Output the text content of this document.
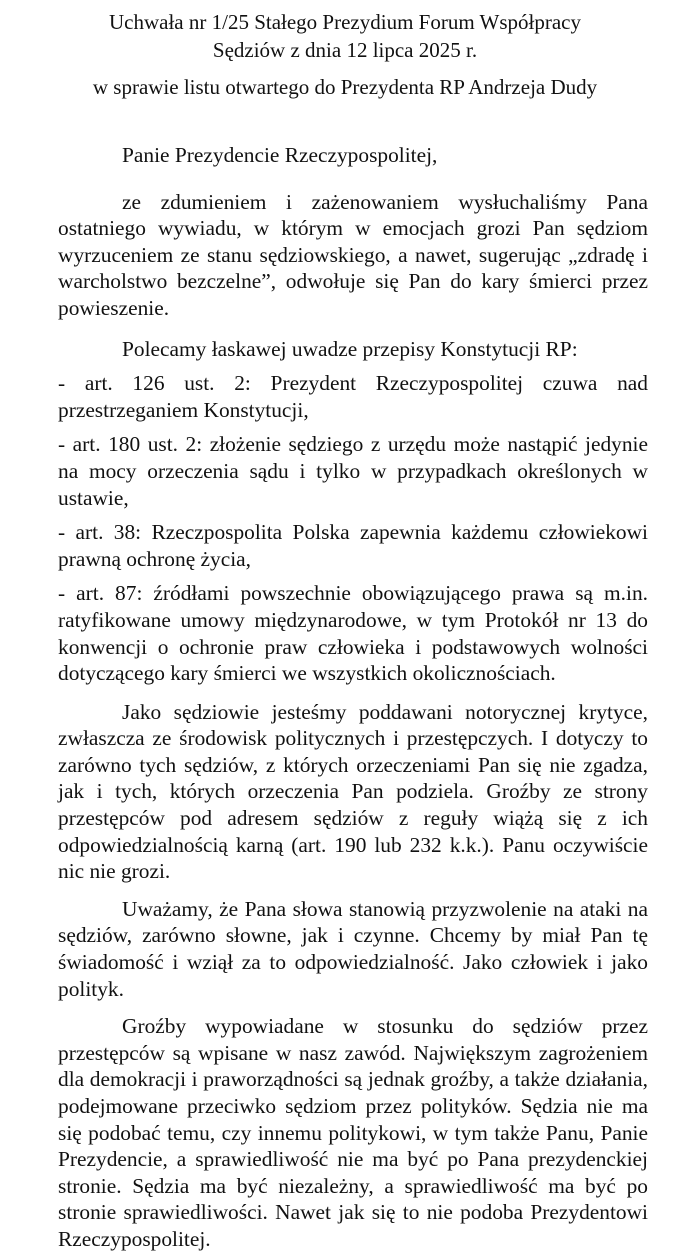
Uchwała nr 1/25 Stałego Prezydium Forum Współpracy
Sędziów z dnia 12 lipca 2025 r.
w sprawie listu otwartego do Prezydenta RP Andrzeja Dudy

Panie Prezydencie Rzeczypospolitej,

ze zdumieniem i zażenowaniem wysłuchaliśmy Pana ostatniego wywiadu, w którym w emocjach grozi Pan sędziom wyrzuceniem ze stanu sędziowskiego, a nawet, sugerując „zdradę i warcholstwo bezczelne”, odwołuje się Pan do kary śmierci przez powieszenie.

Polecamy łaskawej uwadze przepisy Konstytucji RP:

- art. 126 ust. 2: Prezydent Rzeczypospolitej czuwa nad przestrzeganiem Konstytucji,

- art. 180 ust. 2: złożenie sędziego z urzędu może nastąpić jedynie na mocy orzeczenia sądu i tylko w przypadkach określonych w ustawie,

- art. 38: Rzeczpospolita Polska zapewnia każdemu człowiekowi prawną ochronę życia,

- art. 87: źródłami powszechnie obowiązującego prawa są m.in. ratyfikowane umowy międzynarodowe, w tym Protokół nr 13 do konwencji o ochronie praw człowieka i podstawowych wolności dotyczącego kary śmierci we wszystkich okolicznościach.

Jako sędziowie jesteśmy poddawani notorycznej krytyce, zwłaszcza ze środowisk politycznych i przestępczych. I dotyczy to zarówno tych sędziów, z których orzeczeniami Pan się nie zgadza, jak i tych, których orzeczenia Pan podziela. Groźby ze strony przestępców pod adresem sędziów z reguły wiążą się z ich odpowiedzialnością karną (art. 190 lub 232 k.k.). Panu oczywiście nic nie grozi.

Uważamy, że Pana słowa stanowią przyzwolenie na ataki na sędziów, zarówno słowne, jak i czynne. Chcemy by miał Pan tę świadomość i wziął za to odpowiedzialność. Jako człowiek i jako polityk.

Groźby wypowiadane w stosunku do sędziów przez przestępców są wpisane w nasz zawód. Największym zagrożeniem dla demokracji i praworządności są jednak groźby, a także działania, podejmowane przeciwko sędziom przez polityków. Sędzia nie ma się podobać temu, czy innemu politykowi, w tym także Panu, Panie Prezydencie, a sprawiedliwość nie ma być po Pana prezydenckiej stronie. Sędzia ma być niezależny, a sprawiedliwość ma być po stronie sprawiedliwości. Nawet jak się to nie podoba Prezydentowi Rzeczypospolitej.
